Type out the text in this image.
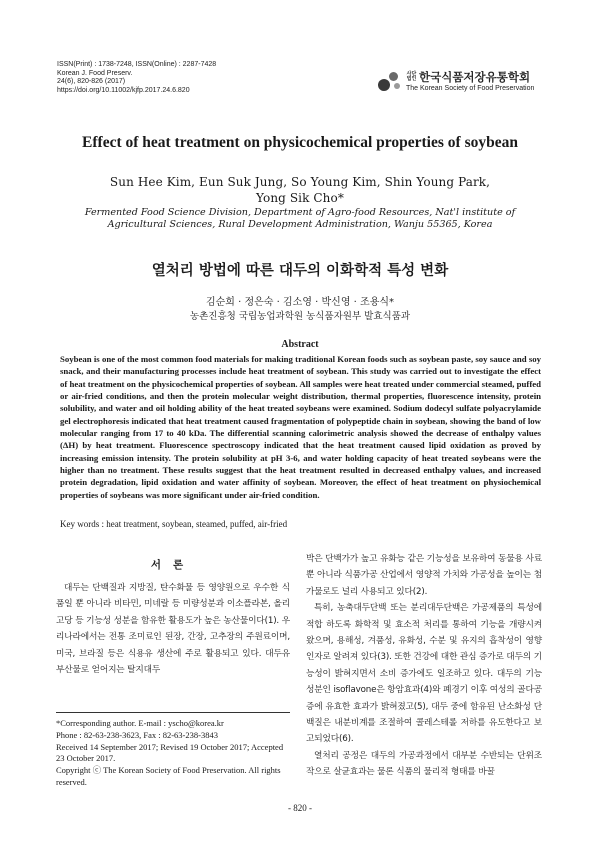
ISSN(Print) : 1738-7248, ISSN(Online) : 2287-7428
Korean J. Food Preserv.
24(6), 820-826 (2017)
https://doi.org/10.11002/kjfp.2017.24.6.820
사단법인 한국식품저장유통학회
The Korean Society of Food Preservation
Effect of heat treatment on physicochemical properties of soybean
Sun Hee Kim, Eun Suk Jung, So Young Kim, Shin Young Park,
Yong Sik Cho*
Fermented Food Science Division, Department of Agro-food Resources, Nat'l institute of Agricultural Sciences, Rural Development Administration, Wanju 55365, Korea
열처리 방법에 따른 대두의 이화학적 특성 변화
김순희 · 정은숙 · 김소영 · 박신영 · 조용식*
농촌진흥청 국립농업과학원 농식품자원부 발효식품과
Abstract

Soybean is one of the most common food materials for making traditional Korean foods such as soybean paste, soy sauce and soy snack, and their manufacturing processes include heat treatment of soybean. This study was carried out to investigate the effect of heat treatment on the physicochemical properties of soybean. All samples were heat treated under commercial steamed, puffed or air-fried conditions, and then the protein molecular weight distribution, thermal properties, fluorescence intensity, protein solubility, and water and oil holding ability of the heat treated soybeans were examined. Sodium dodecyl sulfate polyacrylamide gel electrophoresis indicated that heat treatment caused fragmentation of polypeptide chain in soybean, showing the band of low molecular ranging from 17 to 40 kDa. The differential scanning calorimetric analysis showed the decrease of enthalpy values (ΔH) by heat treatment. Fluorescence spectroscopy indicated that the heat treatment caused lipid oxidation as proved by increasing emission intensity. The protein solubility at pH 3-6, and water holding capacity of heat treated soybeans were the higher than no treatment. These results suggest that the heat treatment resulted in decreased enthalpy values, and increased protein degradation, lipid oxidation and water affinity of soybean. Moreover, the effect of heat treatment on physiochemical properties of soybeans was more significant under air-fried condition.

Key words : heat treatment, soybean, steamed, puffed, air-fried
서론

대두는 단백질과 지방질, 탄수화물 등 영양원으로 우수한 식품일 뿐 아니라 비타민, 미네랄 등 미량성분과 이소플라본, 올리고당 등 기능성 성분을 함유한 활용도가 높은 농산물이다(1). 우리나라에서는 전통 조미료인 된장, 간장, 고추장의 주원료이며, 미국, 브라질 등은 식용유 생산에 주로 활용되고 있다. 대두유 부산물로 얻어지는 탈지대두

*Corresponding author. E-mail : yscho@korea.kr
Phone : 82-63-238-3623, Fax : 82-63-238-3843
Received 14 September 2017; Revised 19 October 2017; Accepted 23 October 2017.
Copyright ⓒ The Korean Society of Food Preservation. All rights reserved.

박은 단백가가 높고 유화능 같은 기능성을 보유하여 동물용 사료 뿐 아니라 식품가공 산업에서 영양적 가치와 가공성을 높이는 첨가물로도 널리 사용되고 있다(2).

특히, 농축대두단백 또는 분리대두단백은 가공제품의 특성에 적합 하도록 화학적 및 효소적 처리를 통하여 기능을 개량시켜 왔으며, 용해성, 겨품성, 유화성, 수분 및 유지의 흡착성이 영향인자로 알려져 있다(3). 또한 건강에 대한 관심 증가로 대두의 기능성이 밝혀지면서 소비 증가에도 일조하고 있다. 대두의 기능 성분인 isoflavone은 항암효과(4)와 폐경기 이후 여성의 골다공증에 유효한 효과가 밝혀졌고(5), 대두 중에 함유된 난소화성 단백질은 내분비계를 조절하여 콜레스테롤 저하를 유도한다고 보고되었다(6).

열처리 공정은 대두의 가공과정에서 대부분 수반되는 단위조작으로 살균효과는 물론 식품의 물리적 형태를 바꿀

- 820 -
